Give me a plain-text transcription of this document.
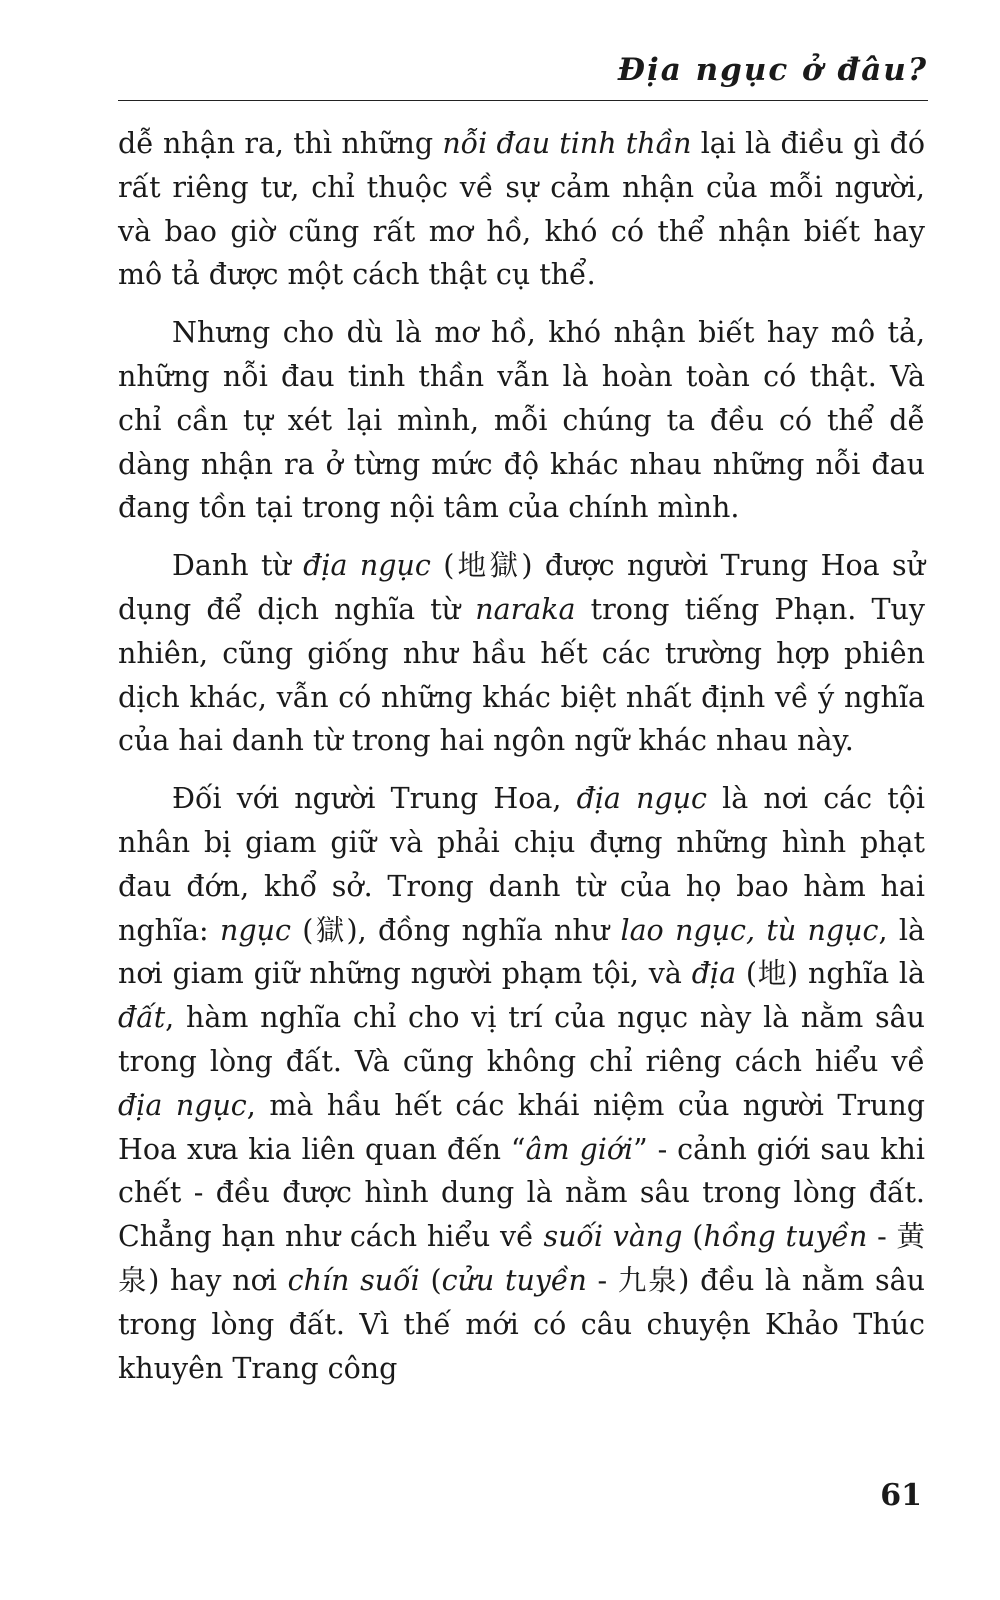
Địa ngục ở đâu?

dễ nhận ra, thì những nỗi đau tinh thần lại là điều gì đó rất riêng tư, chỉ thuộc về sự cảm nhận của mỗi người, và bao giờ cũng rất mơ hồ, khó có thể nhận biết hay mô tả được một cách thật cụ thể.

Nhưng cho dù là mơ hồ, khó nhận biết hay mô tả, những nỗi đau tinh thần vẫn là hoàn toàn có thật. Và chỉ cần tự xét lại mình, mỗi chúng ta đều có thể dễ dàng nhận ra ở từng mức độ khác nhau những nỗi đau đang tồn tại trong nội tâm của chính mình.

Danh từ địa ngục (地獄) được người Trung Hoa sử dụng để dịch nghĩa từ naraka trong tiếng Phạn. Tuy nhiên, cũng giống như hầu hết các trường hợp phiên dịch khác, vẫn có những khác biệt nhất định về ý nghĩa của hai danh từ trong hai ngôn ngữ khác nhau này.

Đối với người Trung Hoa, địa ngục là nơi các tội nhân bị giam giữ và phải chịu đựng những hình phạt đau đớn, khổ sở. Trong danh từ của họ bao hàm hai nghĩa: ngục (獄), đồng nghĩa như lao ngục, tù ngục, là nơi giam giữ những người phạm tội, và địa (地) nghĩa là đất, hàm nghĩa chỉ cho vị trí của ngục này là nằm sâu trong lòng đất. Và cũng không chỉ riêng cách hiểu về địa ngục, mà hầu hết các khái niệm của người Trung Hoa xưa kia liên quan đến “âm giới” - cảnh giới sau khi chết - đều được hình dung là nằm sâu trong lòng đất. Chẳng hạn như cách hiểu về suối vàng (hồng tuyền - 黄泉) hay nơi chín suối (cửu tuyền - 九泉) đều là nằm sâu trong lòng đất. Vì thế mới có câu chuyện Khảo Thúc khuyên Trang công

61
